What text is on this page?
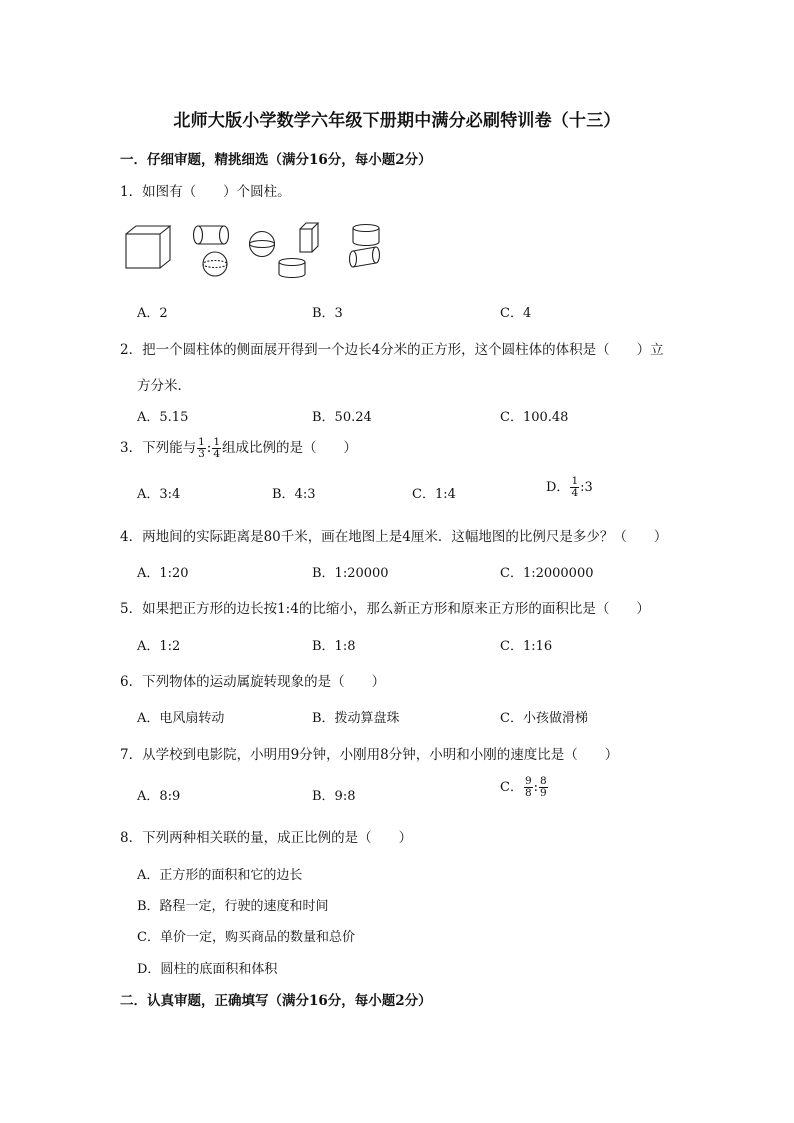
北师大版小学数学六年级下册期中满分必刷特训卷（十三）
一．仔细审题，精挑细选（满分16分，每小题2分）
1．如图有（　　）个圆柱。
A．2	B．3	C．4
2．把一个圆柱体的侧面展开得到一个边长4分米的正方形，这个圆柱体的体积是（　　）立
方分米．
A．5.15	B．50.24	C．100.48
3．下列能与 $\frac{1}{3}$ : $\frac{1}{4}$ 组成比例的是（　　）
A．3:4	B．4:3	C．1:4	D． $\frac{1}{4}$ :3
4．两地间的实际距离是80千米，画在地图上是4厘米．这幅地图的比例尺是多少？（　　）
A．1:20	B．1:20000	C．1:2000000
5．如果把正方形的边长按1:4的比缩小，那么新正方形和原来正方形的面积比是（　　）
A．1:2	B．1:8	C．1:16
6．下列物体的运动属旋转现象的是（　　）
A．电风扇转动	B．拨动算盘珠	C．小孩做滑梯
7．从学校到电影院，小明用9分钟，小刚用8分钟，小明和小刚的速度比是（　　）
A．8:9	B．9:8
C． $\frac{9}{8}$ : $\frac{8}{9}$
8．下列两种相关联的量，成正比例的是（　　）
A．正方形的面积和它的边长
B．路程一定，行驶的速度和时间
C．单价一定，购买商品的数量和总价
D．圆柱的底面积和体积
二．认真审题，正确填写（满分16分，每小题2分）
